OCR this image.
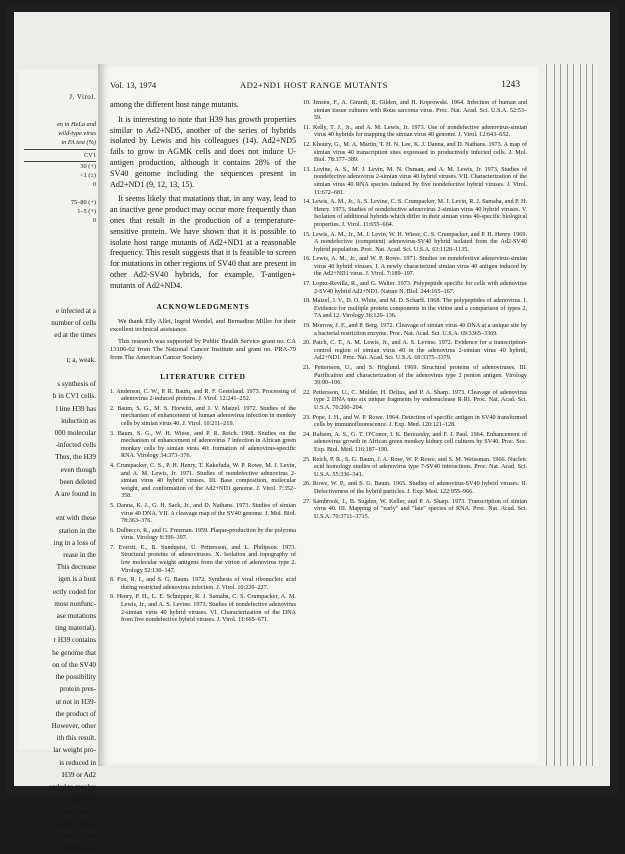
J. Virol.
en in HeLa and
wild-type virus
in FA test (%)
CV1
30 (+)
<1 (±)
0

75–80 (+)
1–5 (+)
0
e infected at a
number of cells
ed at the times

t; a, weak.

s synthesis of
h in CV1 cells.
l line H39 has
induction as
000 molecular
-infected cells
Thus, the H39
even though
been deleted
A are found in

ent with these
station in the
ing in a loss of
rease in the
This decrease
igen is a host
ectly coded for
most nonfunc-
ase mutations
ting material).
r H39 contains
he genome that
on of the SV40
the possibility
protein pres-
ut not in H39-
the product of
However, other
ith this result.
lar weight pro-
is reduced in
H39 or Ad2
eeded to resolve
can approach
n and type of
ertants includ-
We are also
recombination
Vol. 13, 1974	AD2+ND1 HOST RANGE MUTANTS	1243

among the different host range mutants.

It is interesting to note that H39 has growth properties similar to Ad2+ND5, another of the series of hybrids isolated by Lewis and his colleagues (14). Ad2+ND5 fails to grow in AGMK cells and does not induce U-antigen production, although it contains 28% of the SV40 genome including the sequences present in Ad2+ND1 (9, 12, 13, 15).

It seems likely that mutations that, in any way, lead to an inactive gene product may occur more frequently than ones that result in the production of a temperature-sensitive protein. We have shown that it is possible to isolate host range mutants of Ad2+ND1 at a reasonable frequency. This result suggests that it is feasible to screen for mutations in other regions of SV40 that are present in other Ad2-SV40 hybrids, for example, T-antigen+ mutants of Ad2+ND4.

ACKNOWLEDGMENTS
We thank Elly Allet, Ingrid Wendel, and Bernadine Miller for their excellent technical assistance.
This research was supported by Public Health Service grant no. CA 13106-02 from The National Cancer Institute and grant no. PRA-79 from The American Cancer Society.
LITERATURE CITED
1. Anderson, C. W., P. R. Baum, and R. F. Gesteland. 1973. Processing of adenovirus 2-induced proteins. J. Virol. 12:241–252.
2. Baum, S. G., M. S. Horwitz, and J. V. Maizel. 1972. Studies of the mechanism of enhancement of human adenovirus infection in monkey cells by simian virus 40. J. Virol. 10:211–219.
3. Baum, S. G., W. H. Wiese, and P. R. Reich. 1968. Studies on the mechanism of enhancement of adenovirus 7 infection in African green monkey cells by simian virus 40: formation of adenovirus-specific RNA. Virology 34:373–376.
4. Crumpacker, C. S., P. H. Henry, T. Kakefuda, W. P. Rowe, M. J. Levin, and A. M. Lewis, Jr. 1971. Studies of nondefective adenovirus 2-simian virus 40 hybrid viruses. III. Base composition, molecular weight, and conformation of the Ad2+ND1 genome. J. Virol. 7:352–358.
5. Danna, K. J., G. H. Sack, Jr., and D. Nathans. 1973. Studies of simian virus 40 DNA. VII. A cleavage map of the SV40 genome. J. Mol. Biol. 78:363–376.
6. Dulbecco, R., and G. Freeman. 1959. Plaque-production by the polyoma virus. Virology 8:396–397.
7. Everitt, E., B. Sundquist, U. Pettersson, and L. Philipson. 1973. Structural proteins of adenoviruses. X. Isolation and topography of low molecular weight antigens from the virion of adenovirus type 2. Virology 52:130–147.
8. Fox, R. I., and S. G. Baum. 1972. Synthesis of viral ribonucleic acid during restricted adenovirus infection. J. Virol. 10:220–227.
9. Henry, P. H., L. E. Schnipper, R. J. Samaha, C. S. Crumpacker, A. M. Lewis, Jr., and A. S. Levine. 1973. Studies of nondefective adenovirus 2-simian virus 40 hybrid viruses. VI. Characterization of the DNA from five nondefective hybrid viruses. J. Virol. 11:665–671.
10. Jensen, F., A. Girardi, R. Gilden, and H. Koprowski. 1964. Infection of human and simian tissue cultures with Rous sarcoma virus. Proc. Nat. Acad. Sci. U.S.A. 52:53–59.
11. Kelly, T. J., Jr., and A. M. Lewis, Jr. 1973. Use of nondefective adenovirus-simian virus 40 hybrids for mapping the simian virus 40 genome. J. Virol. 12:643–652.
12. Khoury, G., M. A. Martin, T. H. N. Lee, K. J. Danna, and D. Nathans. 1973. A map of simian virus 40 transcription sites expressed in productively infected cells. J. Mol. Biol. 78:377–389.
13. Levine, A. S., M. J. Levin, M. N. Oxman, and A. M. Lewis, Jr. 1973. Studies of nondefective adenovirus 2-simian virus 40 hybrid viruses. VII. Characterization of the simian virus 40 RNA species induced by five nondefective hybrid viruses. J. Virol. 11:672–681.
14. Lewis, A. M., Jr., A. S. Levine, C. S. Crumpacker, M. J. Levin, R. J. Samaha, and P. H. Henry. 1973. Studies of nondefective adenovirus 2-simian virus 40 hybrid viruses. V. Isolation of additional hybrids which differ in their simian virus 40-specific biological properties. J. Virol. 11:655–664.
15. Lewis, A. M., Jr., M. J. Levin, W. H. Wiese, C. S. Crumpacker, and P. H. Henry. 1969. A nondefective (competent) adenovirus-SV40 hybrid isolated from the Ad2-SV40 hybrid population. Proc. Nat. Acad. Sci. U.S.A. 63:1128–1135.
16. Lewis, A. M., Jr., and W. P. Rowe. 1971. Studies on nondefective adenovirus-simian virus 40 hybrid viruses. I. A newly characterized simian virus 40 antigen induced by the Ad2+ND1 virus. J. Virol. 7:189–197.
17. Lopez-Revilla, R., and G. Walter. 1973. Polypeptide specific for cells with adenovirus 2-SV40 hybrid Ad2+ND1. Nature N. Biol. 244:165–167.
18. Maizel, J. V., D. O. White, and M. D. Scharff. 1968. The polypeptides of adenovirus. I. Evidence for multiple protein components in the virion and a comparison of types 2, 7A and 12. Virology 36:126–136.
19. Morrow, J. F., and P. Berg. 1972. Cleavage of simian virus 40 DNA at a unique site by a bacterial restriction enzyme. Proc. Nat. Acad. Sci. U.S.A. 69:3365–3369.
20. Patch, C. T., A. M. Lewis, Jr., and A. S. Levine. 1972. Evidence for a transcription-control region of simian virus 40 in the adenovirus 2-simian virus 40 hybrid, Ad2+ND1. Proc. Nat. Acad. Sci. U.S.A. 69:3375–3379.
21. Pettersson, U., and S. Höglund. 1969. Structural proteins of adenoviruses. III. Purification and characterization of the adenovirus type 2 penton antigen. Virology 39:90–106.
22. Pettersson, U., C. Mulder, H. Delius, and P. A. Sharp. 1973. Cleavage of adenovirus type 2 DNA into six unique fragments by endonuclease R·RI. Proc. Nat. Acad. Sci. U.S.A. 70:200–204.
23. Pope, J. H., and W. P. Rowe. 1964. Detection of specific antigen in SV40 transformed cells by immunofluorescence. J. Exp. Med. 120:121–128.
24. Rabson, A. S., G. T. O'Conor, I. K. Berezesky, and F. J. Paul. 1964. Enhancement of adenovirus growth in African green monkey kidney cell cultures by SV40. Proc. Soc. Exp. Biol. Med. 116:187–190.
25. Reich, P. R., S. G. Baum, J. A. Rose, W. P. Rowe, and S. M. Weissman. 1966. Nucleic acid homology studies of adenovirus type 7-SV40 interactions. Proc. Nat. Acad. Sci. U.S.A. 55:336–341.
26. Rowe, W. P., and S. G. Baum. 1965. Studies of adenovirus-SV40 hybrid viruses. II. Defectiveness of the hybrid particles. J. Exp. Med. 122:955–966.
27. Sambrook, J., B. Sugden, W. Keller, and P. A. Sharp. 1973. Transcription of simian virus 40. III. Mapping of "early" and "late" species of RNA. Proc. Nat. Acad. Sci. U.S.A. 70:3711–3715.
